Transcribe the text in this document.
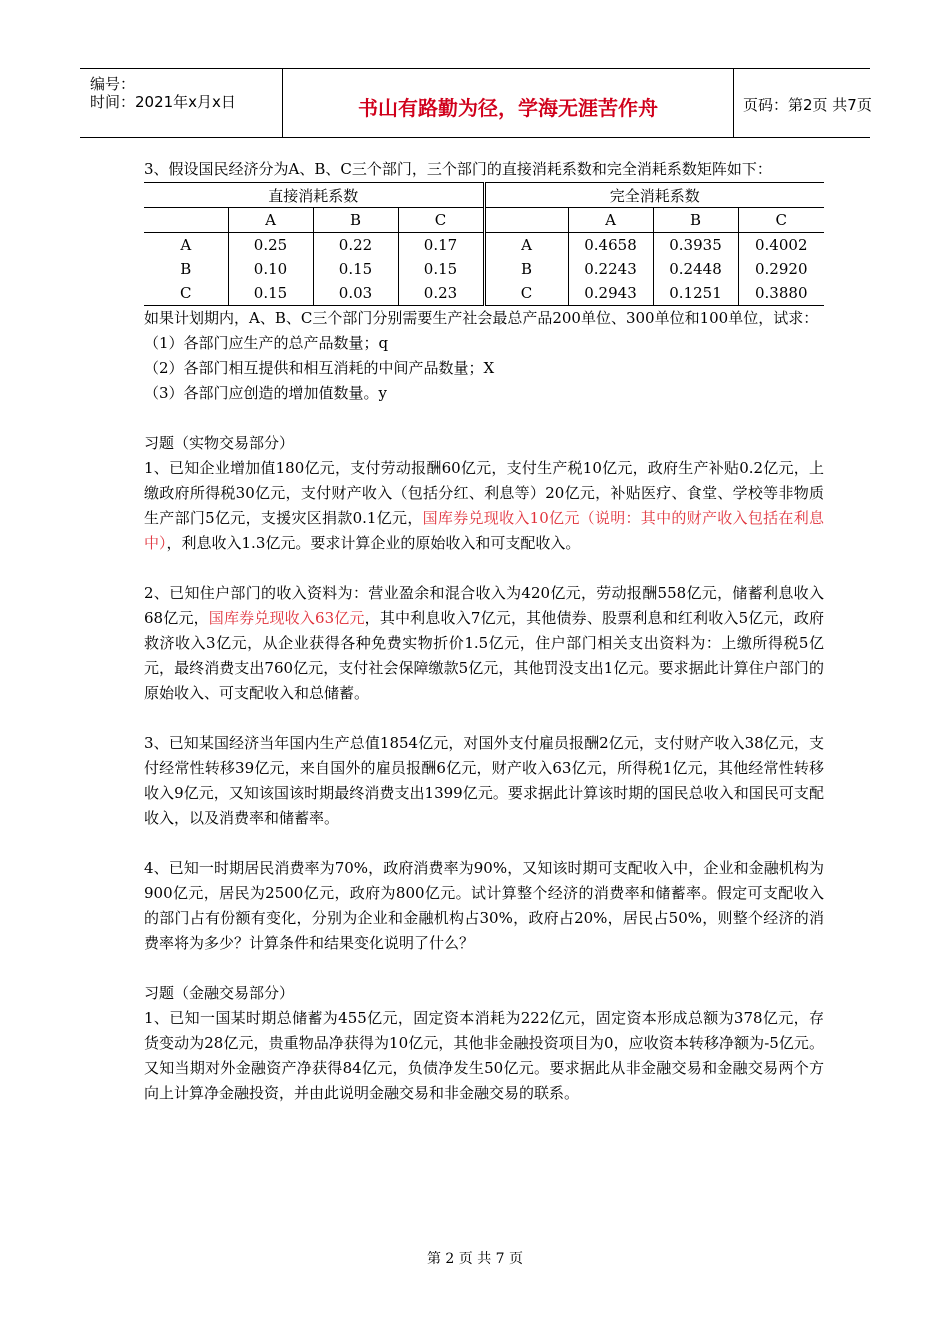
编号：
时间：2021年x月x日	书山有路勤为径，学海无涯苦作舟	页码：第2页 共7页

3、假设国民经济分为A、B、C三个部门，三个部门的直接消耗系数和完全消耗系数矩阵如下：

直接消耗系数				完全消耗系数			
	A	B	C		A	B	C
A	0.25	0.22	0.17	A	0.4658	0.3935	0.4002
B	0.10	0.15	0.15	B	0.2243	0.2448	0.2920
C	0.15	0.03	0.23	C	0.2943	0.1251	0.3880

如果计划期内，A、B、C三个部门分别需要生产社会最总产品200单位、300单位和100单位，试求：

（1）各部门应生产的总产品数量；q

（2）各部门相互提供和相互消耗的中间产品数量；X

（3）各部门应创造的增加值数量。y

习题（实物交易部分）

1、已知企业增加值180亿元，支付劳动报酬60亿元，支付生产税10亿元，政府生产补贴0.2亿元，上缴政府所得税30亿元，支付财产收入（包括分红、利息等）20亿元，补贴医疗、食堂、学校等非物质生产部门5亿元，支援灾区捐款0.1亿元，国库券兑现收入10亿元（说明：其中的财产收入包括在利息中），利息收入1.3亿元。要求计算企业的原始收入和可支配收入。

2、已知住户部门的收入资料为：营业盈余和混合收入为420亿元，劳动报酬558亿元，储蓄利息收入68亿元，国库券兑现收入63亿元，其中利息收入7亿元，其他债券、股票利息和红利收入5亿元，政府救济收入3亿元，从企业获得各种免费实物折价1.5亿元，住户部门相关支出资料为：上缴所得税5亿元，最终消费支出760亿元，支付社会保障缴款5亿元，其他罚没支出1亿元。要求据此计算住户部门的原始收入、可支配收入和总储蓄。

3、已知某国经济当年国内生产总值1854亿元，对国外支付雇员报酬2亿元，支付财产收入38亿元，支付经常性转移39亿元，来自国外的雇员报酬6亿元，财产收入63亿元，所得税1亿元，其他经常性转移收入9亿元，又知该国该时期最终消费支出1399亿元。要求据此计算该时期的国民总收入和国民可支配收入，以及消费率和储蓄率。

4、已知一时期居民消费率为70%，政府消费率为90%，又知该时期可支配收入中，企业和金融机构为900亿元，居民为2500亿元，政府为800亿元。试计算整个经济的消费率和储蓄率。假定可支配收入的部门占有份额有变化，分别为企业和金融机构占30%，政府占20%，居民占50%，则整个经济的消费率将为多少？计算条件和结果变化说明了什么？

习题（金融交易部分）

1、已知一国某时期总储蓄为455亿元，固定资本消耗为222亿元，固定资本形成总额为378亿元，存货变动为28亿元，贵重物品净获得为10亿元，其他非金融投资项目为0，应收资本转移净额为-5亿元。又知当期对外金融资产净获得84亿元，负债净发生50亿元。要求据此从非金融交易和金融交易两个方向上计算净金融投资，并由此说明金融交易和非金融交易的联系。

第 2 页 共 7 页
